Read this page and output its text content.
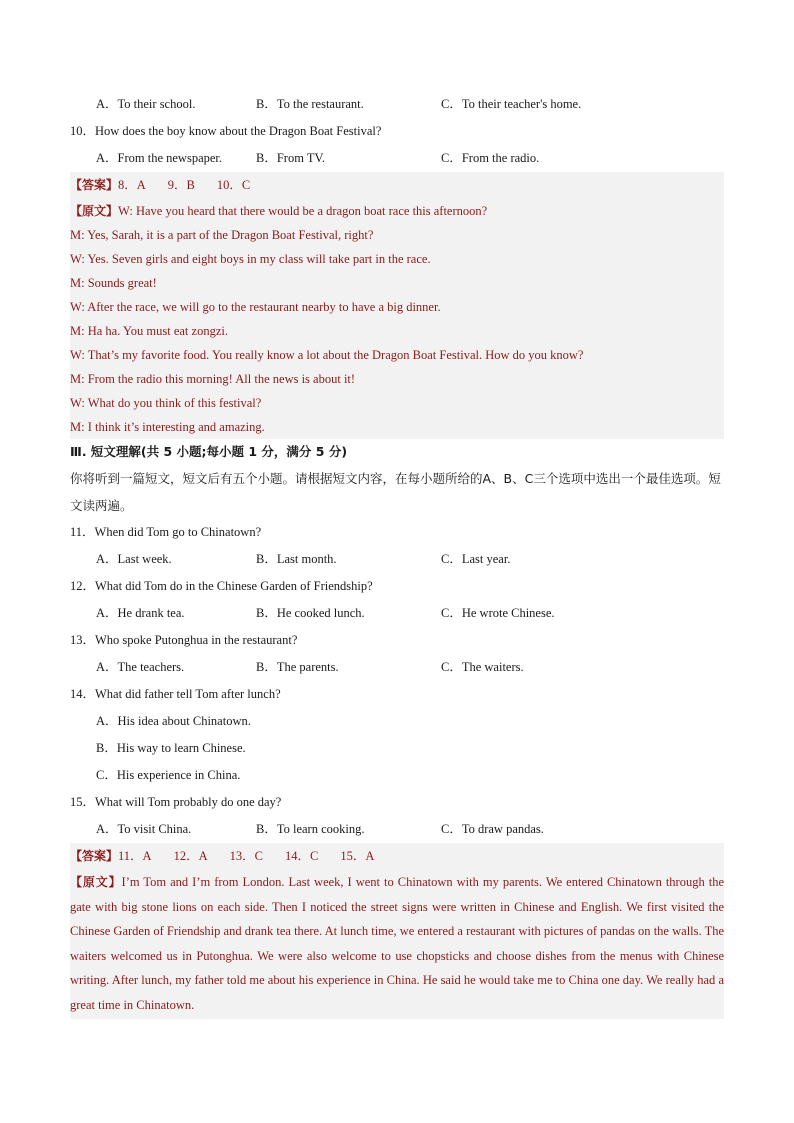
A．To their school.	B．To the restaurant.	C．To their teacher's home.
10．How does the boy know about the Dragon Boat Festival?
A．From the newspaper.	B．From TV.	C．From the radio.
【答案】8．A 9．B 10．C
【原文】W: Have you heard that there would be a dragon boat race this afternoon?
M: Yes, Sarah, it is a part of the Dragon Boat Festival, right?
W: Yes. Seven girls and eight boys in my class will take part in the race.
M: Sounds great!
W: After the race, we will go to the restaurant nearby to have a big dinner.
M: Ha ha. You must eat zongzi.
W: That’s my favorite food. You really know a lot about the Dragon Boat Festival. How do you know?
M: From the radio this morning! All the news is about it!
W: What do you think of this festival?
M: I think it’s interesting and amazing.
Ⅲ. 短文理解(共 5 小题;每小题 1 分，满分 5 分)
你将听到一篇短文，短文后有五个小题。请根据短文内容，在每小题所给的A、B、C三个选项中选出一个最佳选项。短文读两遍。
11．When did Tom go to Chinatown?
A．Last week.	B．Last month.	C．Last year.
12．What did Tom do in the Chinese Garden of Friendship?
A．He drank tea.	B．He cooked lunch.	C．He wrote Chinese.
13．Who spoke Putonghua in the restaurant?
A．The teachers.	B．The parents.	C．The waiters.
14．What did father tell Tom after lunch?
A．His idea about Chinatown.
B．His way to learn Chinese.
C．His experience in China.
15．What will Tom probably do one day?
A．To visit China.	B．To learn cooking.	C．To draw pandas.
【答案】11．A 12．A 13．C 14．C 15．A
【原文】I’m Tom and I’m from London. Last week, I went to Chinatown with my parents. We entered Chinatown through the gate with big stone lions on each side. Then I noticed the street signs were written in Chinese and English. We first visited the Chinese Garden of Friendship and drank tea there. At lunch time, we entered a restaurant with pictures of pandas on the walls. The waiters welcomed us in Putonghua. We were also welcome to use chopsticks and choose dishes from the menus with Chinese writing. After lunch, my father told me about his experience in China. He said he would take me to China one day. We really had a great time in Chinatown.
